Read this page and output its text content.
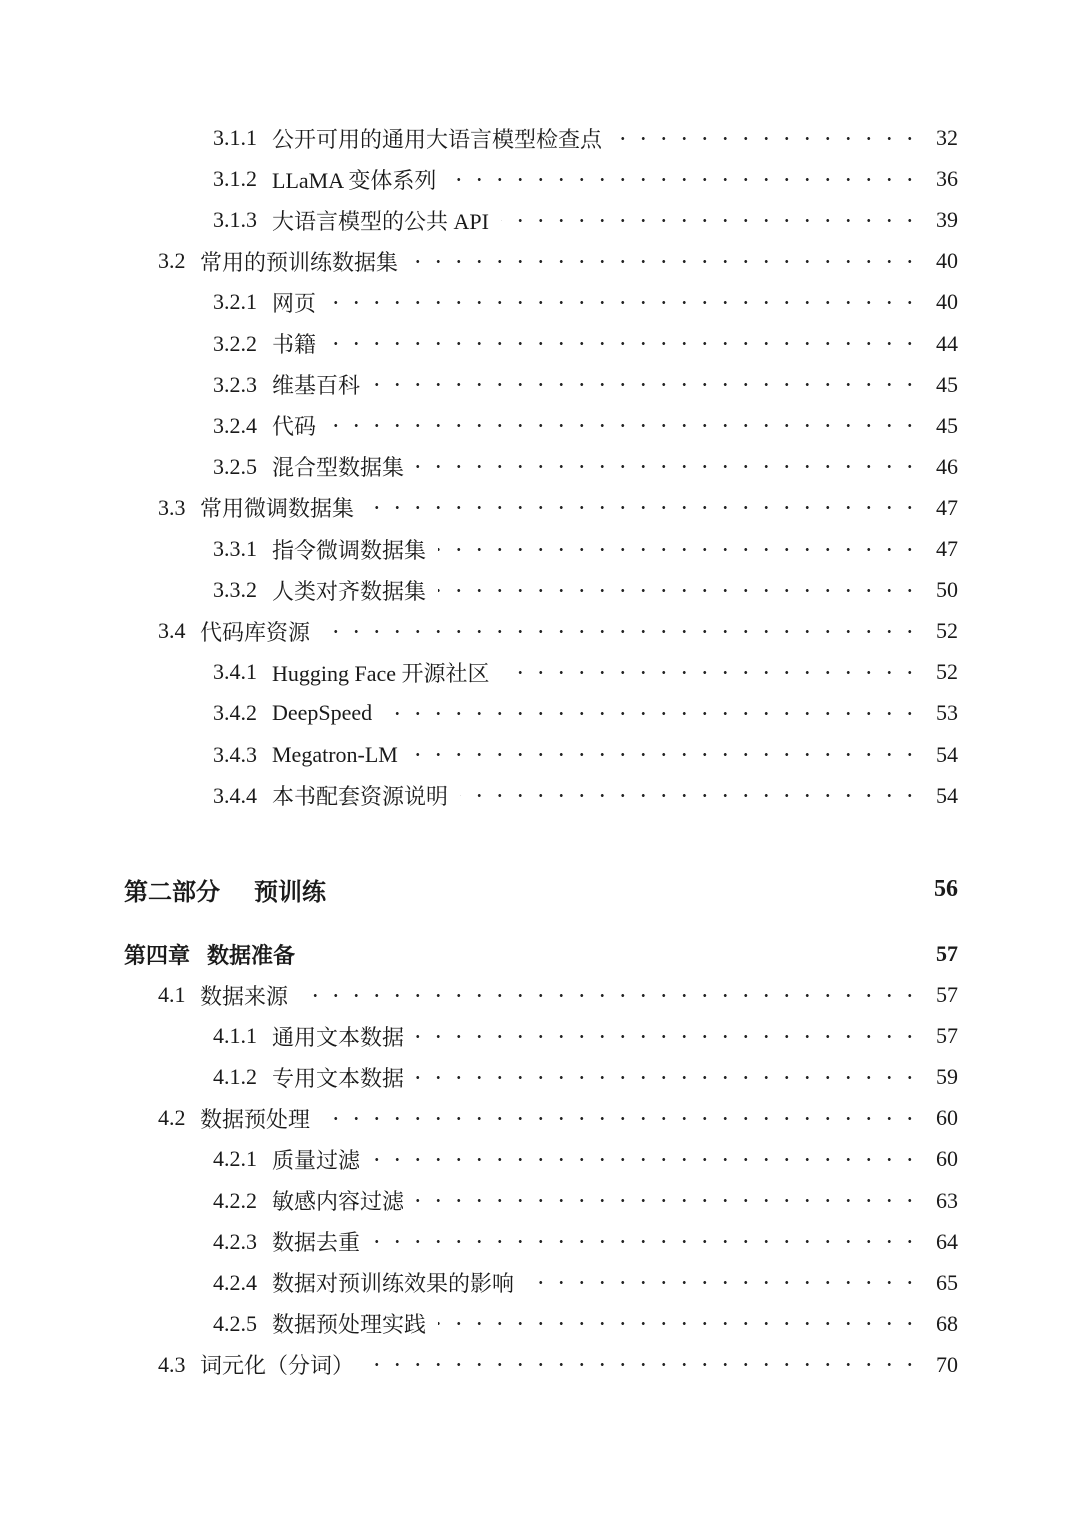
3.1.1 公开可用的通用大语言模型检查点	32
3.1.2 LLaMA 变体系列	36
3.1.3 大语言模型的公共 API	39
3.2 常用的预训练数据集	40
3.2.1 网页	40
3.2.2 书籍	44
3.2.3 维基百科	45
3.2.4 代码	45
3.2.5 混合型数据集	46
3.3 常用微调数据集	47
3.3.1 指令微调数据集	47
3.3.2 人类对齐数据集	50
3.4 代码库资源	52
3.4.1 Hugging Face 开源社区	52
3.4.2 DeepSpeed	53
3.4.3 Megatron-LM	54
3.4.4 本书配套资源说明	54
第二部分 预训练	56
第四章 数据准备	57
4.1 数据来源	57
4.1.1 通用文本数据	57
4.1.2 专用文本数据	59
4.2 数据预处理	60
4.2.1 质量过滤	60
4.2.2 敏感内容过滤	63
4.2.3 数据去重	64
4.2.4 数据对预训练效果的影响	65
4.2.5 数据预处理实践	68
4.3 词元化（分词）	70
